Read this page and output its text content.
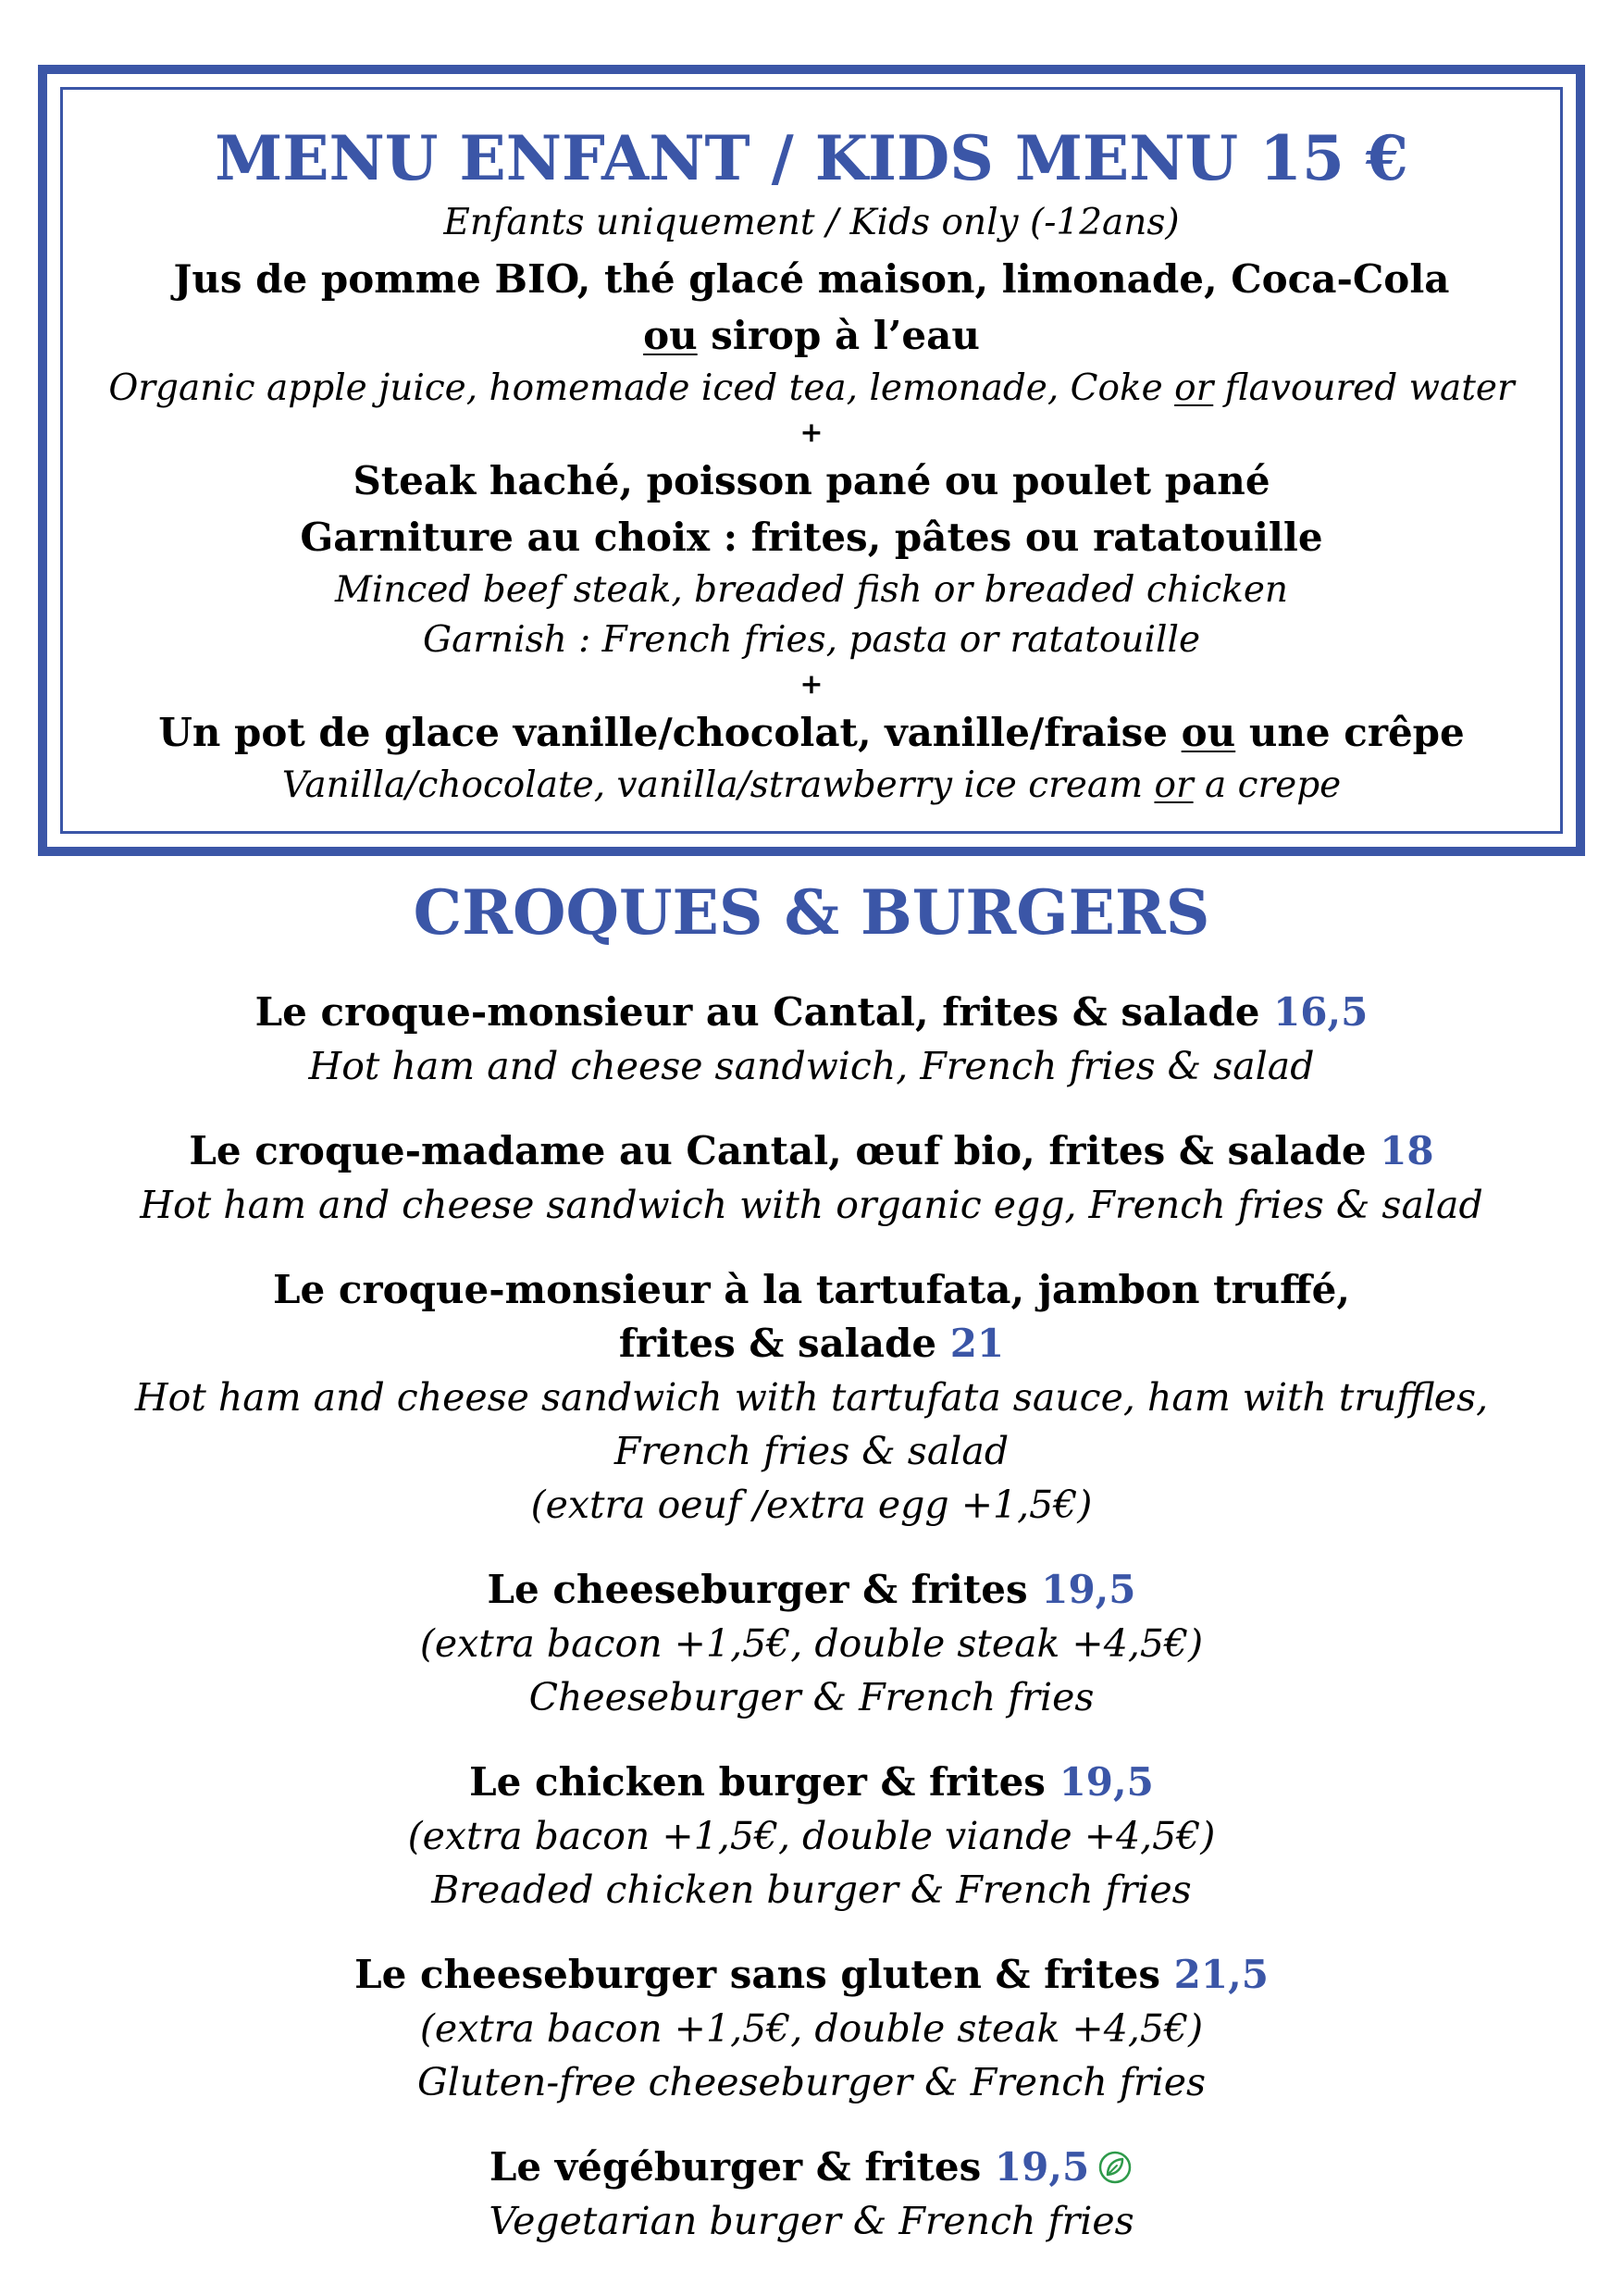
MENU ENFANT / KIDS MENU 15 €
Enfants uniquement / Kids only (-12ans)
Jus de pomme BIO, thé glacé maison, limonade, Coca-Cola
ou sirop à l’eau
Organic apple juice, homemade iced tea, lemonade, Coke or flavoured water
+
Steak haché, poisson pané ou poulet pané
Garniture au choix : frites, pâtes ou ratatouille
Minced beef steak, breaded fish or breaded chicken
Garnish : French fries, pasta or ratatouille
+
Un pot de glace vanille/chocolat, vanille/fraise ou une crêpe
Vanilla/chocolate, vanilla/strawberry ice cream or a crepe
CROQUES & BURGERS
Le croque-monsieur au Cantal, frites & salade 16,5
Hot ham and cheese sandwich, French fries & salad
Le croque-madame au Cantal, œuf bio, frites & salade 18
Hot ham and cheese sandwich with organic egg, French fries & salad
Le croque-monsieur à la tartufata, jambon truffé,
frites & salade 21
Hot ham and cheese sandwich with tartufata sauce, ham with truffles,
French fries & salad
(extra oeuf /extra egg +1,5€)
Le cheeseburger & frites 19,5
(extra bacon +1,5€, double steak +4,5€)
Cheeseburger & French fries
Le chicken burger & frites 19,5
(extra bacon +1,5€, double viande +4,5€)
Breaded chicken burger & French fries
Le cheeseburger sans gluten & frites 21,5
(extra bacon +1,5€, double steak +4,5€)
Gluten-free cheeseburger & French fries
Le végéburger & frites 19,5
Vegetarian burger & French fries
